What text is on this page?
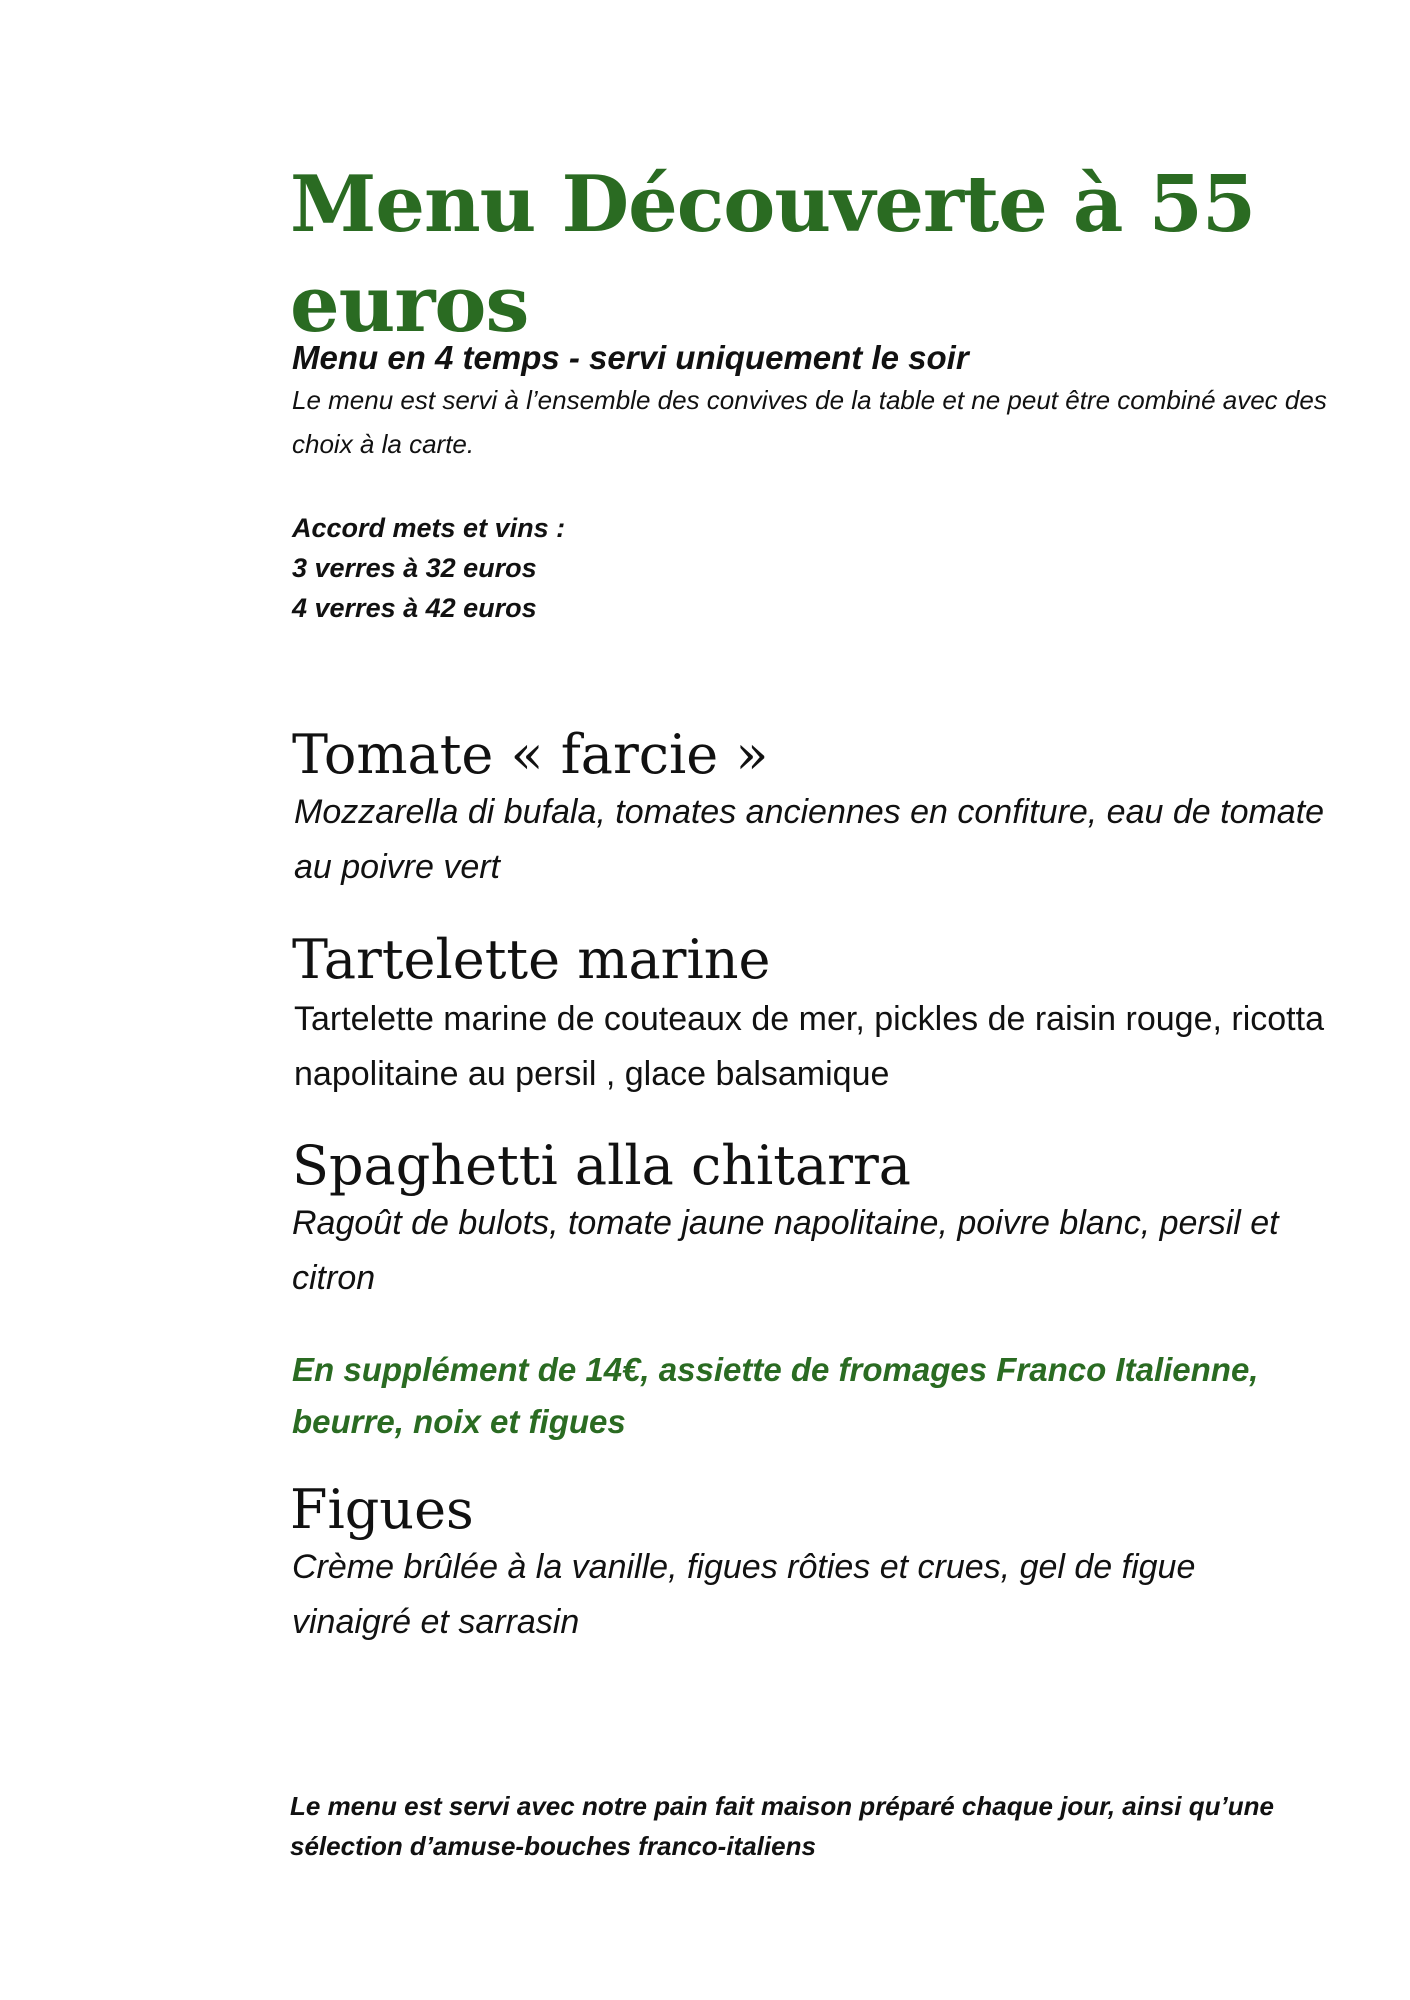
Menu Découverte à 55 euros
Menu en 4 temps - servi uniquement le soir
Le menu est servi à l’ensemble des convives de la table et ne peut être combiné avec des choix à la carte.
Accord mets et vins :
3 verres à 32 euros
4 verres à 42 euros
Tomate « farcie »
Mozzarella di bufala, tomates anciennes en confiture, eau de tomate au poivre vert
Tartelette marine
Tartelette marine de couteaux de mer, pickles de raisin rouge, ricotta napolitaine au persil , glace balsamique
Spaghetti alla chitarra
Ragoût de bulots, tomate jaune napolitaine, poivre blanc, persil et citron
En supplément de 14€, assiette de fromages Franco Italienne, beurre, noix et figues
Figues
Crème brûlée à la vanille, figues rôties et crues, gel de figue vinaigré et sarrasin
Le menu est servi avec notre pain fait maison préparé chaque jour, ainsi qu’une sélection d’amuse-bouches franco-italiens
